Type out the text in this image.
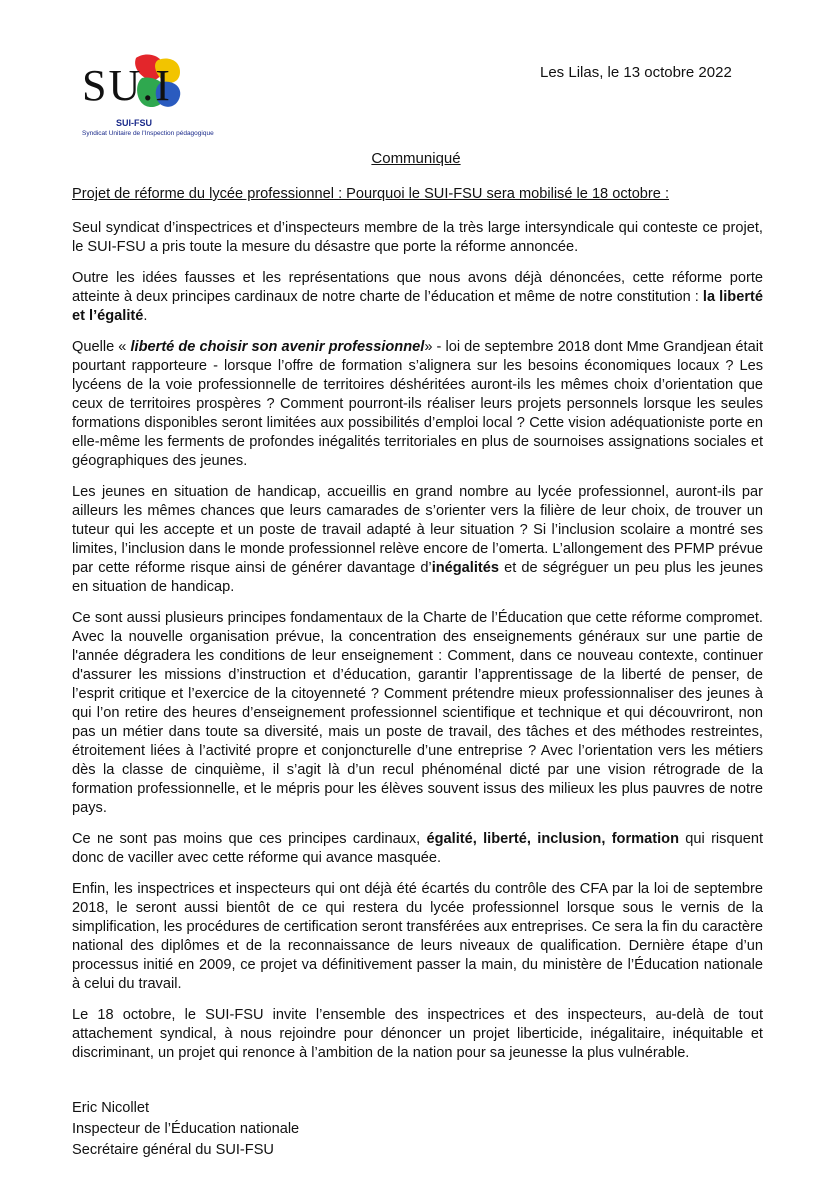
SU.I
SUI-FSU
Syndicat Unitaire de l'Inspection pédagogique
Les Lilas, le 13 octobre 2022
Communiqué
Projet de réforme du lycée professionnel : Pourquoi le SUI-FSU sera mobilisé le 18 octobre :

Seul syndicat d’inspectrices et d’inspecteurs membre de la très large intersyndicale qui conteste ce projet, le SUI-FSU a pris toute la mesure du désastre que porte la réforme annoncée.

Outre les idées fausses et les représentations que nous avons déjà dénoncées, cette réforme porte atteinte à deux principes cardinaux de notre charte de l’éducation et même de notre constitution : la liberté et l’égalité.

Quelle « liberté de choisir son avenir professionnel» - loi de septembre 2018 dont Mme Grandjean était pourtant rapporteure - lorsque l’offre de formation s’alignera sur les besoins économiques locaux ? Les lycéens de la voie professionnelle de territoires déshéritées auront-ils les mêmes choix d’orientation que ceux de territoires prospères ? Comment pourront-ils réaliser leurs projets personnels lorsque les seules formations disponibles seront limitées aux possibilités d’emploi local ? Cette vision adéquationiste porte en elle-même les ferments de profondes inégalités territoriales en plus de sournoises assignations sociales et géographiques des jeunes.

Les jeunes en situation de handicap, accueillis en grand nombre au lycée professionnel, auront-ils par ailleurs les mêmes chances que leurs camarades de s’orienter vers la filière de leur choix, de trouver un tuteur qui les accepte et un poste de travail adapté à leur situation ? Si l’inclusion scolaire a montré ses limites, l’inclusion dans le monde professionnel relève encore de l’omerta. L’allongement des PFMP prévue par cette réforme risque ainsi de générer davantage d’inégalités et de ségréguer un peu plus les jeunes en situation de handicap.

Ce sont aussi plusieurs principes fondamentaux de la Charte de l’Éducation que cette réforme compromet. Avec la nouvelle organisation prévue, la concentration des enseignements généraux sur une partie de l'année dégradera les conditions de leur enseignement : Comment, dans ce nouveau contexte, continuer d'assurer les missions d’instruction et d’éducation, garantir l’apprentissage de la liberté de penser, de l’esprit critique et l’exercice de la citoyenneté ? Comment prétendre mieux professionnaliser des jeunes à qui l’on retire des heures d’enseignement professionnel scientifique et technique et qui découvriront, non pas un métier dans toute sa diversité, mais un poste de travail, des tâches et des méthodes restreintes, étroitement liées à l’activité propre et conjoncturelle d’une entreprise ? Avec l’orientation vers les métiers dès la classe de cinquième, il s’agit là d’un recul phénoménal dicté par une vision rétrograde de la formation professionnelle, et le mépris pour les élèves souvent issus des milieux les plus pauvres de notre pays.

Ce ne sont pas moins que ces principes cardinaux, égalité, liberté, inclusion, formation qui risquent donc de vaciller avec cette réforme qui avance masquée.

Enfin, les inspectrices et inspecteurs qui ont déjà été écartés du contrôle des CFA par la loi de septembre 2018, le seront aussi bientôt de ce qui restera du lycée professionnel lorsque sous le vernis de la simplification, les procédures de certification seront transférées aux entreprises. Ce sera la fin du caractère national des diplômes et de la reconnaissance de leurs niveaux de qualification. Dernière étape d’un processus initié en 2009, ce projet va définitivement passer la main, du ministère de l’Éducation nationale à celui du travail.

Le 18 octobre, le SUI-FSU invite l’ensemble des inspectrices et des inspecteurs, au-delà de tout attachement syndical, à nous rejoindre pour dénoncer un projet liberticide, inégalitaire, inéquitable et discriminant, un projet qui renonce à l’ambition de la nation pour sa jeunesse la plus vulnérable.

Eric Nicollet
Inspecteur de l’Éducation nationale
Secrétaire général du SUI-FSU
